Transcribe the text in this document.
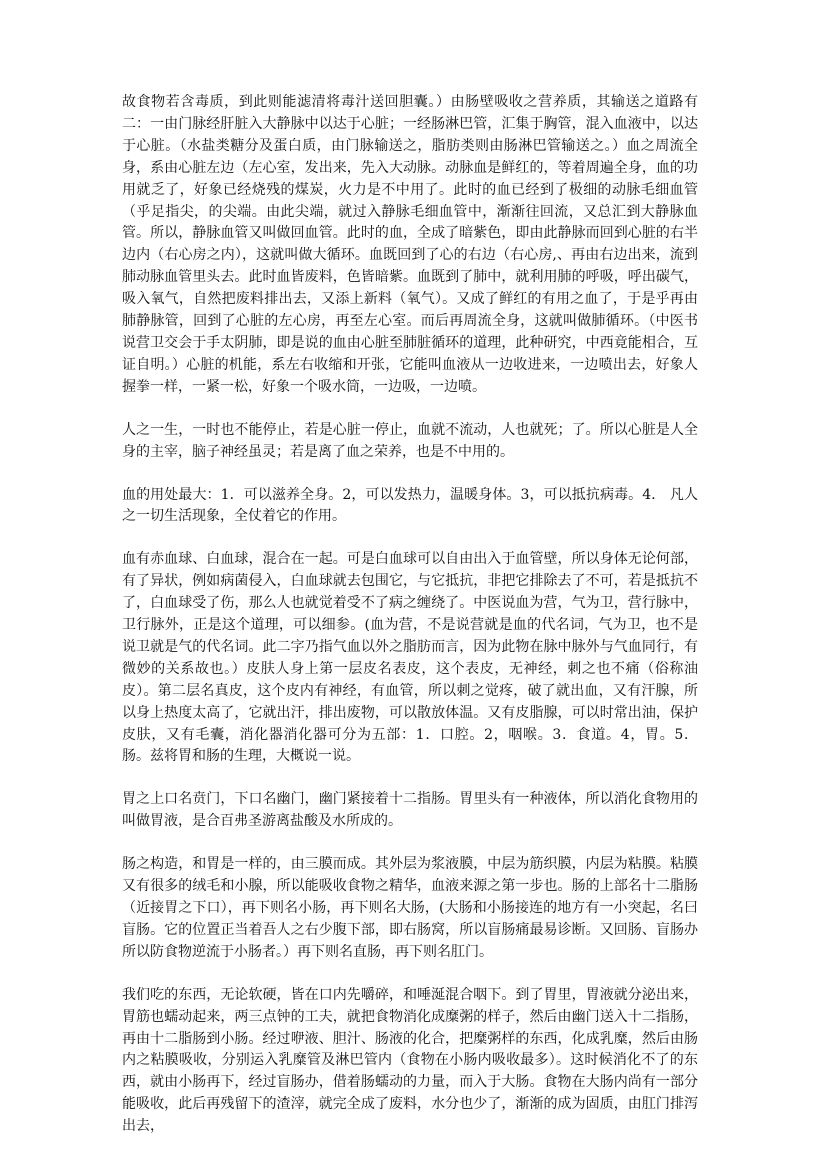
故食物若含毒质，到此则能滤清将毒汁送回胆囊。）由肠壁吸收之营养质，其输送之道路有二：一由门脉经肝脏入大静脉中以达于心脏；一经肠淋巴管，汇集于胸管，混入血液中，以达于心脏。（水盐类糖分及蛋白质，由门脉输送之，脂肪类则由肠淋巴管输送之。）血之周流全身，系由心脏左边（左心室，发出来，先入大动脉。动脉血是鲜红的，等着周遍全身，血的功用就乏了，好象已经烧残的煤炭，火力是不中用了。此时的血已经到了极细的动脉毛细血管（乎足指尖，的尖端。由此尖端，就过入静脉毛细血管中，渐渐往回流，又总汇到大静脉血管。所以，静脉血管又叫做回血管。此时的血，全成了暗紫色，即由此静脉而回到心脏的右半边内（右心房之内），这就叫做大循环。血既回到了心的右边（右心房,、再由右边出来，流到肺动脉血管里头去。此时血皆废料，色皆暗紫。血既到了肺中，就利用肺的呼吸，呼出碳气，吸入氧气，自然把废料排出去，又添上新料（氧气）。又成了鲜红的有用之血了，于是乎再由肺静脉管，回到了心脏的左心房，再至左心室。而后再周流全身，这就叫做肺循环。（中医书说营卫交会于手太阴肺，即是说的血由心脏至肺脏循环的道理，此种研究，中西竟能相合，互证自明。）心脏的机能，系左右收缩和开张，它能叫血液从一边收进来，一边喷出去，好象人握拳一样，一紧一松，好象一个吸水筒，一边吸，一边喷。

人之一生，一时也不能停止，若是心脏一停止，血就不流动，人也就死；了。所以心脏是人全身的主宰，脑子神经虽灵；若是离了血之荣养，也是不中用的。

血的用处最大：1．可以滋养全身。2，可以发热力，温暖身体。3，可以抵抗病毒。4． 凡人之一切生活现象，全仗着它的作用。

血有赤血球、白血球，混合在一起。可是白血球可以自由出入于血管壁，所以身体无论何部，有了异状，例如病菌侵入，白血球就去包围它，与它抵抗，非把它排除去了不可，若是抵抗不了，白血球受了伤，那么人也就觉着受不了病之缠绕了。中医说血为营，气为卫，营行脉中，卫行脉外，正是这个道理，可以细参。(血为营，不是说营就是血的代名词，气为卫，也不是说卫就是气的代名词。此二字乃指气血以外之脂肪而言，因为此物在脉中脉外与气血同行，有微妙的关系故也。）皮肤人身上第一层皮名表皮，这个表皮，无神经，刺之也不痛（俗称油皮）。第二层名真皮，这个皮内有神经，有血管，所以刺之觉疼，破了就出血，又有汗腺，所以身上热度太高了，它就出汗，排出废物，可以散放体温。又有皮脂腺，可以时常出油，保护皮肤，又有毛囊，消化器消化器可分为五部：1．口腔。2，咽喉。3．食道。4，胃。5．肠。兹将胃和肠的生理，大概说一说。

胃之上口名贲门，下口名幽门，幽门紧接着十二指肠。胃里头有一种液体，所以消化食物用的叫做胃液，是合百弗圣游离盐酸及水所成的。

肠之构造，和胃是一样的，由三膜而成。其外层为浆液膜，中层为筋织膜，内层为粘膜。粘膜又有很多的绒毛和小腺，所以能吸收食物之精华，血液来源之第一步也。肠的上部名十二脂肠（近接胃之下口），再下则名小肠，再下则名大肠，(大肠和小肠接连的地方有一小突起，名曰盲肠。它的位置正当着吾人之右少腹下部，即右肠窝，所以盲肠痛最易诊断。又回肠、盲肠办所以防食物逆流于小肠者。）再下则名直肠，再下则名肛门。

我们吃的东西，无论软硬，皆在口内先嚼碎，和唾涎混合咽下。到了胃里，胃液就分泌出来，胃筋也蠕动起来，两三点钟的工夫，就把食物消化成糜粥的样子，然后由幽门送入十二指肠，再由十二脂肠到小肠。经过咿液、胆汁、肠液的化合，把糜粥样的东西，化成乳糜，然后由肠内之粘膜吸收，分别运入乳糜管及淋巴管内（食物在小肠内吸收最多）。这时候消化不了的东西，就由小肠再下，经过盲肠办，借着肠蠕动的力量，而入于大肠。食物在大肠内尚有一部分能吸收，此后再残留下的渣滓，就完全成了废料，水分也少了，渐渐的成为固质，由肛门排泻出去，
